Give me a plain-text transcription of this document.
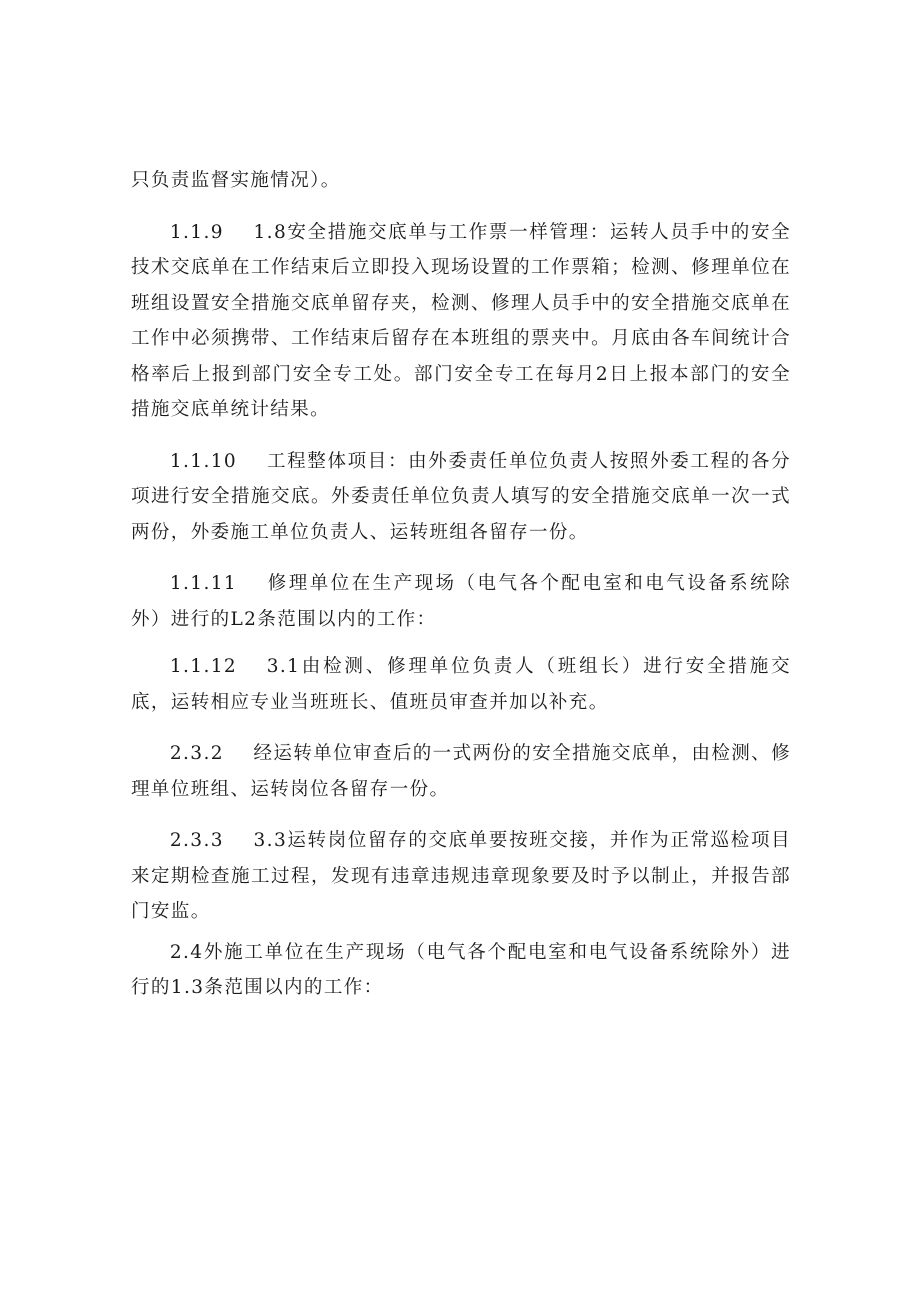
只负责监督实施情况）。

1.1.9 1.8安全措施交底单与工作票一样管理：运转人员手中的安全技术交底单在工作结束后立即投入现场设置的工作票箱；检测、修理单位在班组设置安全措施交底单留存夹，检测、修理人员手中的安全措施交底单在工作中必须携带、工作结束后留存在本班组的票夹中。月底由各车间统计合格率后上报到部门安全专工处。部门安全专工在每月2日上报本部门的安全措施交底单统计结果。

1.1.10 工程整体项目：由外委责任单位负责人按照外委工程的各分项进行安全措施交底。外委责任单位负责人填写的安全措施交底单一次一式两份，外委施工单位负责人、运转班组各留存一份。

1.1.11 修理单位在生产现场（电气各个配电室和电气设备系统除外）进行的L2条范围以内的工作：

1.1.12 3.1由检测、修理单位负责人（班组长）进行安全措施交底，运转相应专业当班班长、值班员审查并加以补充。

2.3.2 经运转单位审查后的一式两份的安全措施交底单，由检测、修理单位班组、运转岗位各留存一份。

2.3.3 3.3运转岗位留存的交底单要按班交接，并作为正常巡检项目来定期检查施工过程，发现有违章违规违章现象要及时予以制止，并报告部门安监。

2.4外施工单位在生产现场（电气各个配电室和电气设备系统除外）进行的1.3条范围以内的工作：
